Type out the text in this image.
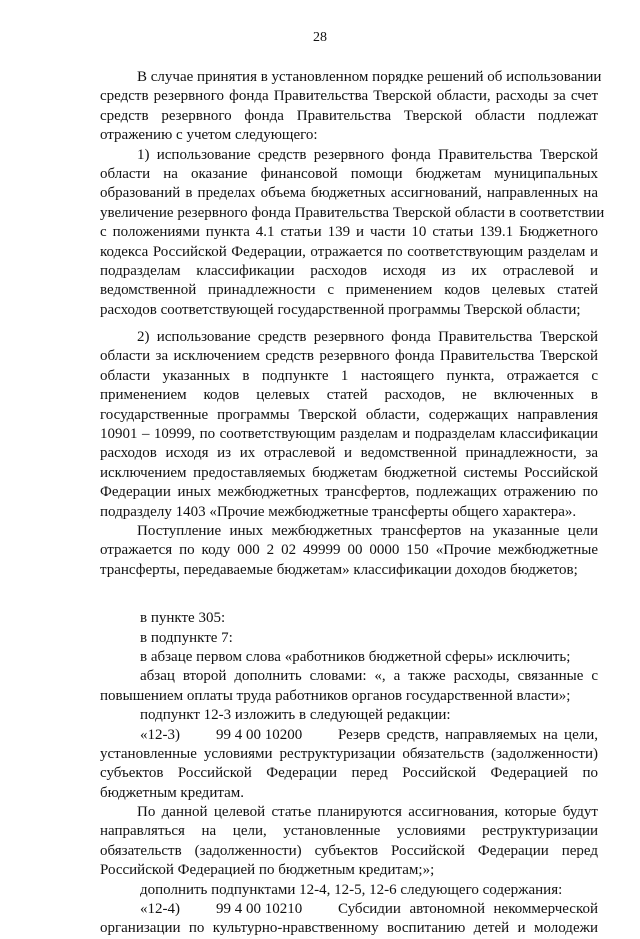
28
В случае принятия в установленном порядке решений об использовании
средств резервного фонда Правительства Тверской области, расходы за счет
средств резервного фонда Правительства Тверской области подлежат
отражению с учетом следующего:
1) использование средств резервного фонда Правительства Тверской
области на оказание финансовой помощи бюджетам муниципальных
образований в пределах объема бюджетных ассигнований, направленных на
увеличение резервного фонда Правительства Тверской области в соответствии
с положениями пункта 4.1 статьи 139 и части 10 статьи 139.1 Бюджетного
кодекса Российской Федерации, отражается по соответствующим разделам и
подразделам классификации расходов исходя из их отраслевой и
ведомственной принадлежности с применением кодов целевых статей
расходов соответствующей государственной программы Тверской области;
2) использование средств резервного фонда Правительства Тверской
области за исключением средств резервного фонда Правительства Тверской
области указанных в подпункте 1 настоящего пункта, отражается с
применением кодов целевых статей расходов, не включенных в
государственные программы Тверской области, содержащих направления
10901 – 10999, по соответствующим разделам и подразделам классификации
расходов исходя из их отраслевой и ведомственной принадлежности, за
исключением предоставляемых бюджетам бюджетной системы Российской
Федерации иных межбюджетных трансфертов, подлежащих отражению по
подразделу 1403 «Прочие межбюджетные трансферты общего характера».
Поступление иных межбюджетных трансфертов на указанные цели
отражается по коду 000 2 02 49999 00 0000 150 «Прочие межбюджетные
трансферты, передаваемые бюджетам» классификации доходов бюджетов;
в пункте 305:
в подпункте 7:
в абзаце первом слова «работников бюджетной сферы» исключить;
абзац второй дополнить словами: «, а также расходы, связанные с
повышением оплаты труда работников органов государственной власти»;
подпункт 12-3 изложить в следующей редакции:
«12-3)	99 4 00 10200	Резерв средств, направляемых на цели,
установленные условиями реструктуризации обязательств (задолженности)
субъектов Российской Федерации перед Российской Федерацией по
бюджетным кредитам.
По данной целевой статье планируются ассигнования, которые будут
направляться на цели, установленные условиями реструктуризации
обязательств (задолженности) субъектов Российской Федерации перед
Российской Федерацией по бюджетным кредитам;»;
дополнить подпунктами 12-4, 12-5, 12-6 следующего содержания:
«12-4)	99 4 00 10210	Субсидии автономной некоммерческой
организации по культурно-нравственному воспитанию детей и молодежи
